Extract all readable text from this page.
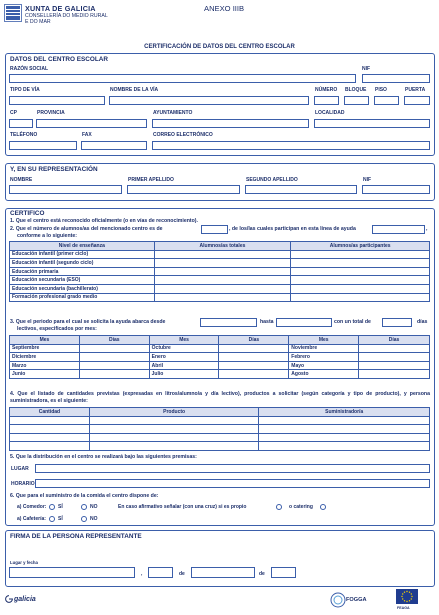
XUNTA DE GALICIA
CONSELLERÍA DO MEDIO RURAL
E DO MAR
ANEXO IIIB
CERTIFICACIÓN DE DATOS DEL CENTRO ESCOLAR
DATOS DEL CENTRO ESCOLAR
RAZÓN SOCIAL	NIF
TIPO DE VÍA	NOMBRE DE LA VÍA	NÚMERO BLOQUE PISO	PUERTA
CP	PROVINCIA	AYUNTAMIENTO	LOCALIDAD
TELÉFONO	FAX	CORREO ELECTRÓNICO
Y, EN SU REPRESENTACIÓN
NOMBRE	PRIMER APELLIDO	SEGUNDO APELLIDO	NIF
CERTIFICO
1. Que el centro está reconocido oficialmente (o en vías de reconocimiento).
2. Que el número de alumnos/as del mencionado centro es de	, de los/las cuales participan en esta línea de ayuda	,
conforme a lo siguiente:
Nivel de enseñanza	Alumnos/as totales	Alumnos/as participantes
Educación infantil (primer ciclo)		
Educación infantil (segundo ciclo)		
Educación primaria		
Educación secundaria (ESO)		
Educación secundaria (bachillerato)		
Formación profesional grado medio		
3. Que el periodo para el cual se solicita la ayuda abarca desde	hasta	con un total de	días
lectivos, especificados por mes:
Mes	Días	Mes	Días	Mes	Días
Septiembre		Octubre		Noviembre	
Diciembre		Enero		Febrero	
Marzo		Abril		Mayo	
Junio		Julio		Agosto	
4. Que el listado de cantidades previstas (expresadas en litros/alumno/a y día lectivo), productos a solicitar (según categoría y tipo de producto), y persona suministradora, es el siguiente:
Cantidad	Producto	Suministrador/a

5. Que la distribución en el centro se realizará bajo las siguientes premisas:
LUGAR
HORARIO
6. Que para el suministro de la comida el centro dispone de:
a) Comedor: SÍ	NO	En caso afirmativo señalar (con una cruz) si es propio	o catering
a) Cafetería: SÍ	NO
FIRMA DE LA PERSONA REPRESENTANTE
Lugar y fecha
,	de	de
galicia	FOGGA
FEAGA
